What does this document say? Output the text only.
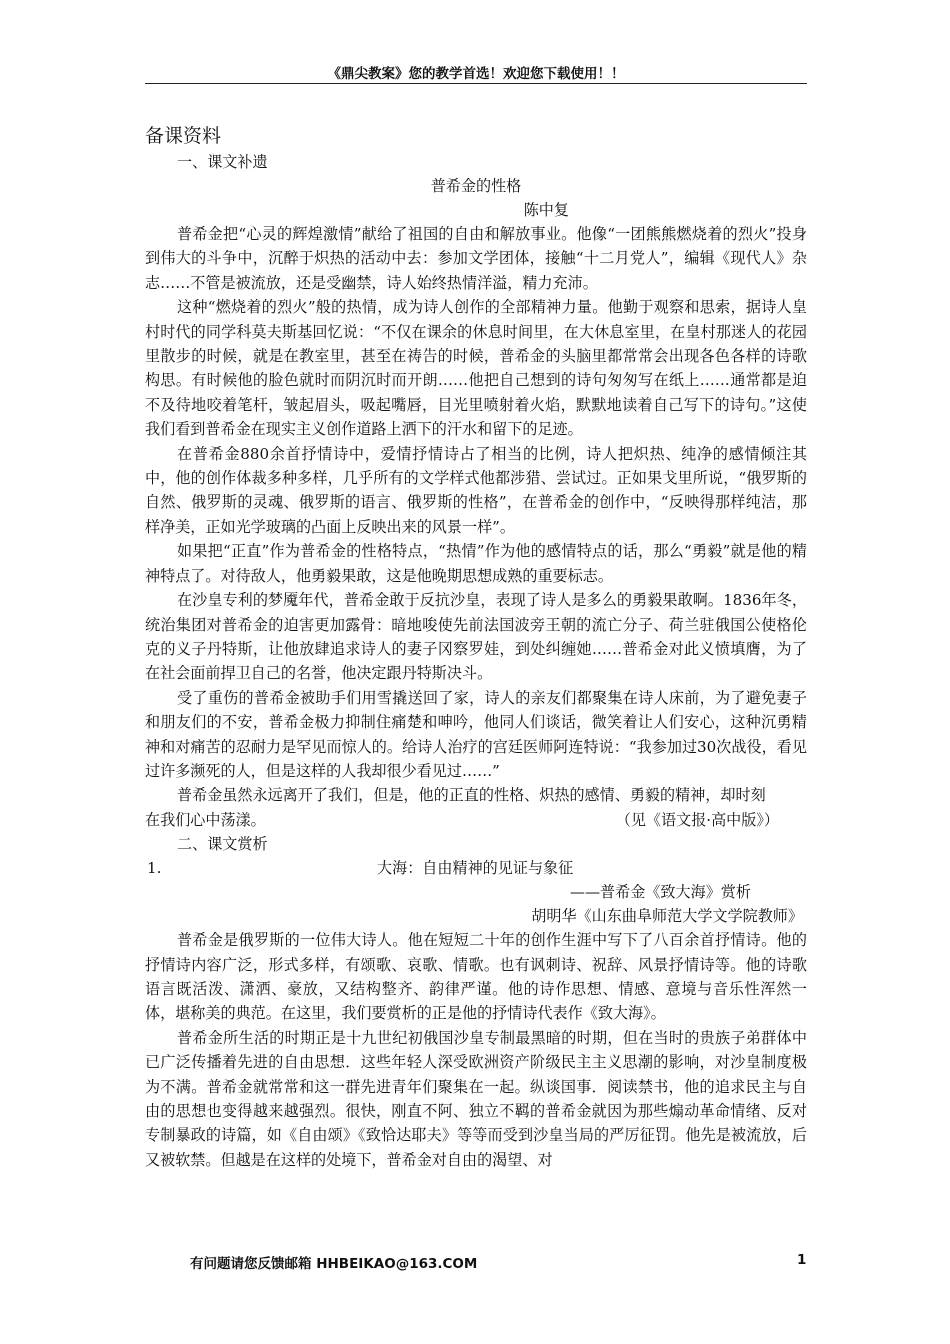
《鼎尖教案》您的教学首选！欢迎您下载使用！！
备课资料
一、课文补遗
普希金的性格
陈中复

普希金把“心灵的辉煌激情”献给了祖国的自由和解放事业。他像“一团熊熊燃烧着的烈火”投身到伟大的斗争中，沉醉于炽热的活动中去：参加文学团体，接触“十二月党人”，编辑《现代人》杂志……不管是被流放，还是受幽禁，诗人始终热情洋溢，精力充沛。

这种“燃烧着的烈火”般的热情，成为诗人创作的全部精神力量。他勤于观察和思索，据诗人皇村时代的同学科莫夫斯基回忆说：“不仅在课余的休息时间里，在大休息室里，在皇村那迷人的花园里散步的时候，就是在教室里，甚至在祷告的时候，普希金的头脑里都常常会出现各色各样的诗歌构思。有时候他的脸色就时而阴沉时而开朗……他把自己想到的诗句匆匆写在纸上……通常都是迫不及待地咬着笔杆，皱起眉头，吸起嘴唇，目光里喷射着火焰，默默地读着自己写下的诗句。”这使我们看到普希金在现实主义创作道路上洒下的汗水和留下的足迹。

在普希金880余首抒情诗中，爱情抒情诗占了相当的比例，诗人把炽热、纯净的感情倾注其中，他的创作体裁多种多样，几乎所有的文学样式他都涉猎、尝试过。正如果戈里所说，“俄罗斯的自然、俄罗斯的灵魂、俄罗斯的语言、俄罗斯的性格”，在普希金的创作中，“反映得那样纯洁，那样净美，正如光学玻璃的凸面上反映出来的风景一样”。

如果把“正直”作为普希金的性格特点，“热情”作为他的感情特点的话，那么“勇毅”就是他的精神特点了。对待敌人，他勇毅果敢，这是他晚期思想成熟的重要标志。

在沙皇专利的梦魇年代，普希金敢于反抗沙皇，表现了诗人是多么的勇毅果敢啊。1836年冬，统治集团对普希金的迫害更加露骨：暗地唆使先前法国波旁王朝的流亡分子、荷兰驻俄国公使格伦克的义子丹特斯，让他放肆追求诗人的妻子冈察罗娃，到处纠缠她……普希金对此义愤填膺，为了在社会面前捍卫自己的名誉，他决定跟丹特斯决斗。

受了重伤的普希金被助手们用雪撬送回了家，诗人的亲友们都聚集在诗人床前，为了避免妻子和朋友们的不安，普希金极力抑制住痛楚和呻吟，他同人们谈话，微笑着让人们安心，这种沉勇精神和对痛苦的忍耐力是罕见而惊人的。给诗人治疗的宫廷医师阿连特说：“我参加过30次战役，看见过许多濒死的人，但是这样的人我却很少看见过……”

普希金虽然永远离开了我们，但是，他的正直的性格、炽热的感情、勇毅的精神，却时刻

在我们心中荡漾。	（见《语文报·高中版》）
二、课文赏析
1.	大海：自由精神的见证与象征
——普希金《致大海》赏析
胡明华《山东曲阜师范大学文学院教师》

普希金是俄罗斯的一位伟大诗人。他在短短二十年的创作生涯中写下了八百余首抒情诗。他的抒情诗内容广泛，形式多样，有颂歌、哀歌、情歌。也有讽刺诗、祝辞、风景抒情诗等。他的诗歌语言既活泼、潇洒、豪放，又结构整齐、韵律严谨。他的诗作思想、情感、意境与音乐性浑然一体，堪称美的典范。在这里，我们要赏析的正是他的抒情诗代表作《致大海》。

普希金所生活的时期正是十九世纪初俄国沙皇专制最黑暗的时期，但在当时的贵族子弟群体中已广泛传播着先进的自由思想．这些年轻人深受欧洲资产阶级民主主义思潮的影响，对沙皇制度极为不满。普希金就常常和这一群先进青年们聚集在一起。纵谈国事．阅读禁书，他的追求民主与自由的思想也变得越来越强烈。很快，刚直不阿、独立不羁的普希金就因为那些煽动革命情绪、反对专制暴政的诗篇，如《自由颂》《致恰达耶夫》等等而受到沙皇当局的严厉征罚。他先是被流放，后又被软禁。但越是在这样的处境下，普希金对自由的渴望、对

有问题请您反馈邮箱 HHBEIKAO@163.COM	1
